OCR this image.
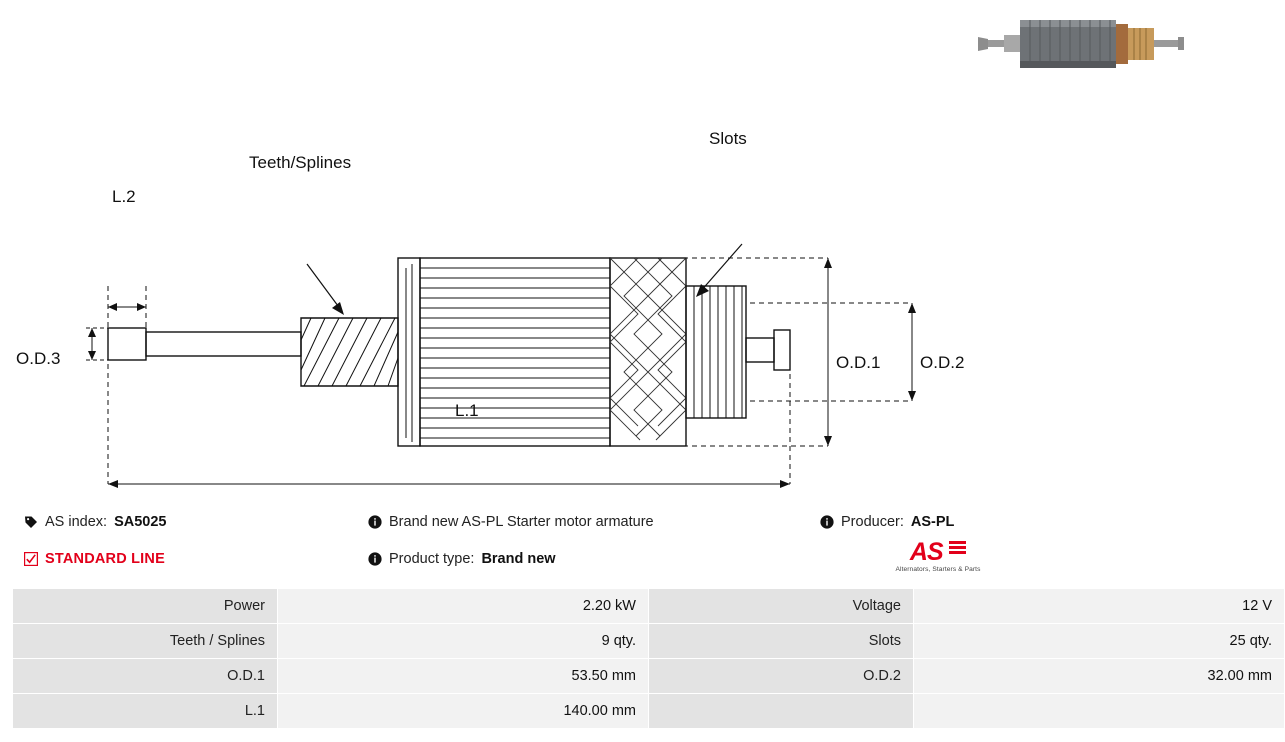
Teeth/Splines
Slots
O.D.3
L.2
O.D.1 O.D.2
L.1
AS index: SA5025
STANDARD LINE
Brand new AS-PL Starter motor armature
Product type: Brand new
Producer: AS-PL
AS
Alternators, Starters & Parts
Power	2.20 kW	Voltage	12 V
Teeth / Splines	9 qty.	Slots	25 qty.
O.D.1	53.50 mm	O.D.2	32.00 mm
L.1	140.00 mm		
